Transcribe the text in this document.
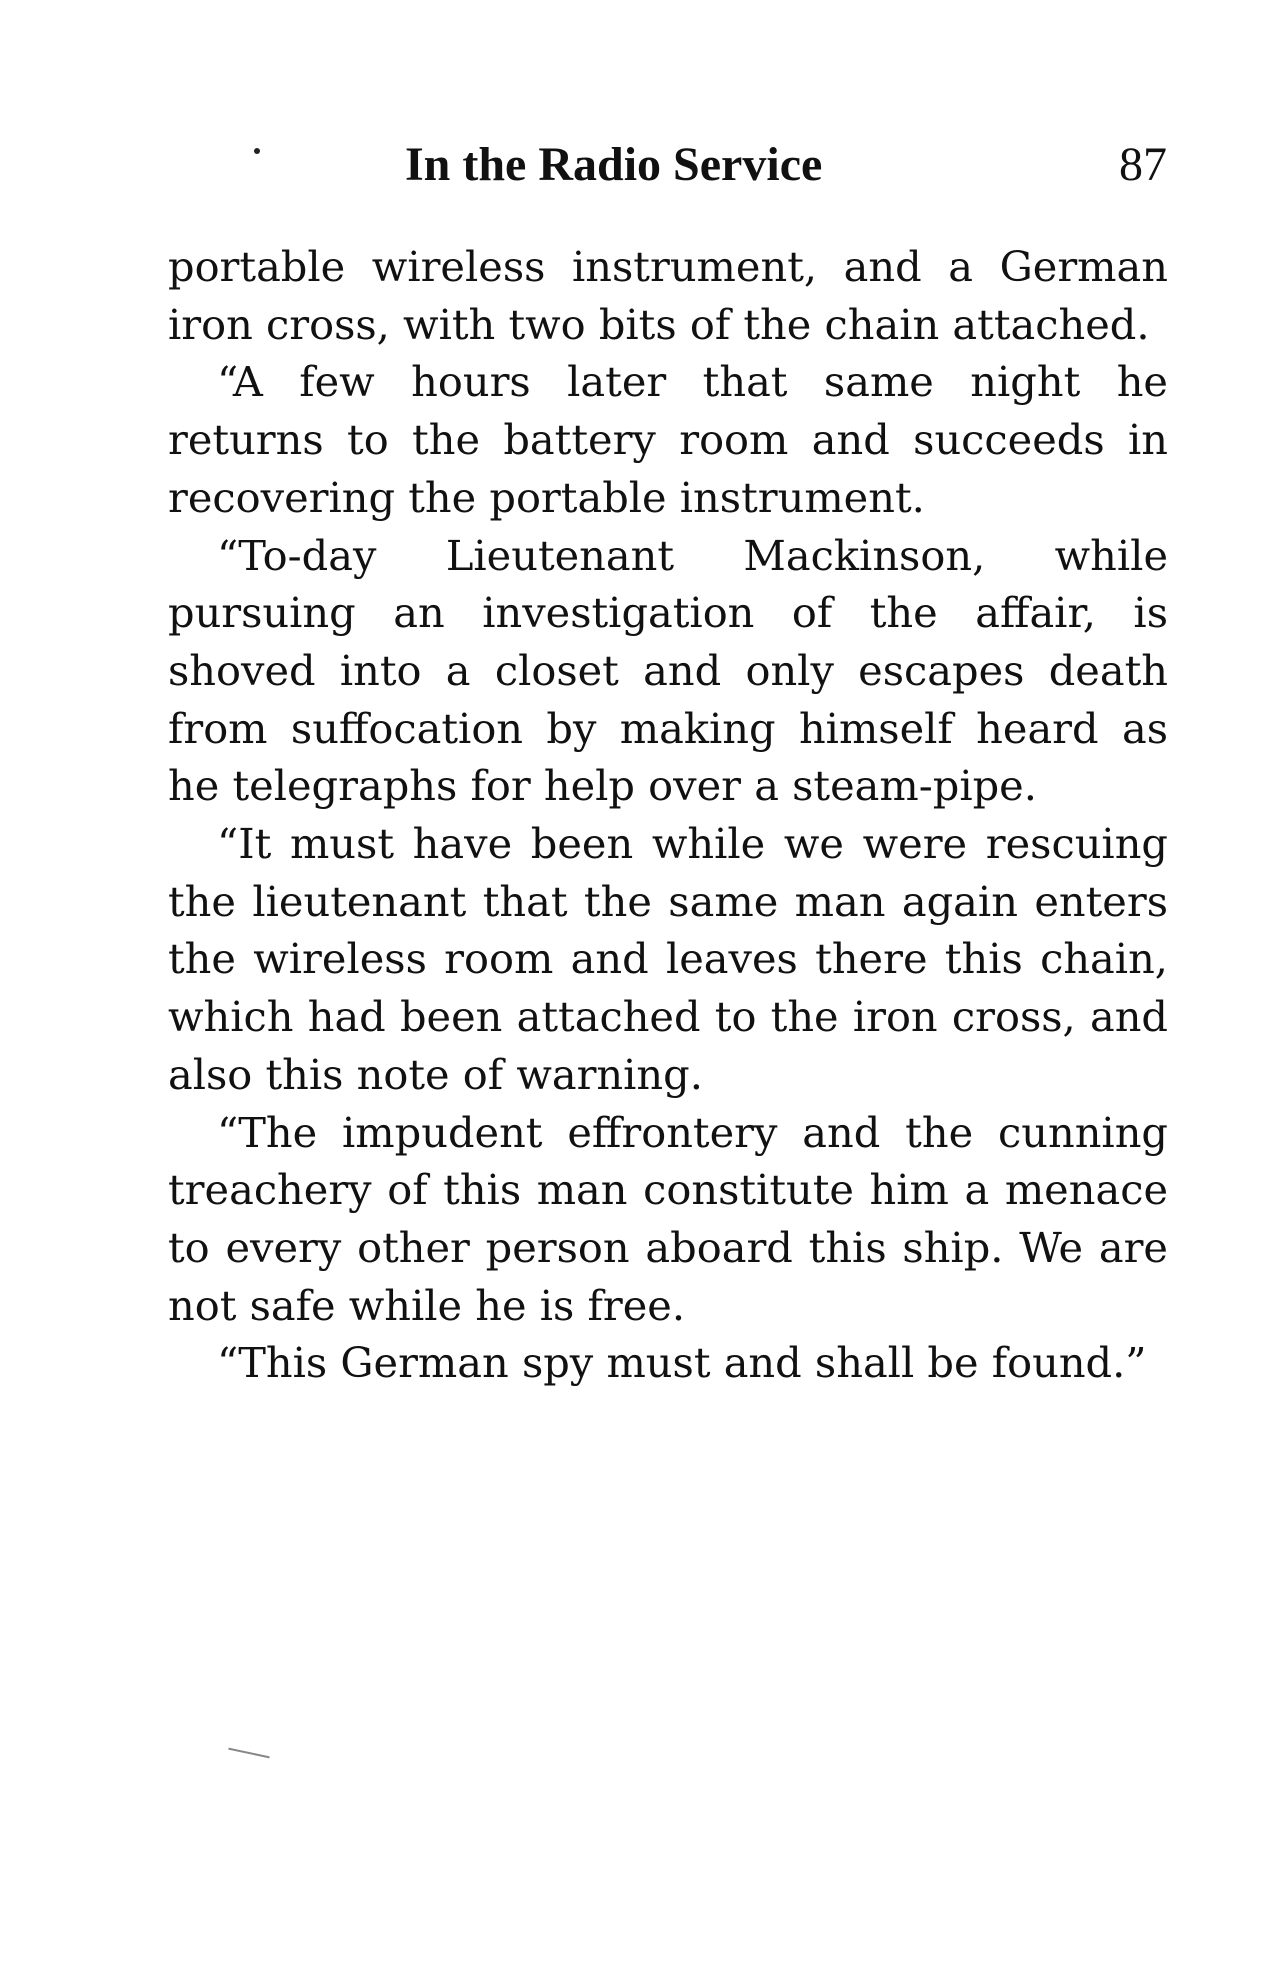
In the Radio Service	87

portable wireless instrument, and a German iron cross, with two bits of the chain attached.

“A few hours later that same night he returns to the battery room and succeeds in recovering the portable instrument.

“To-day Lieutenant Mackinson, while pursuing an investigation of the affair, is shoved into a closet and only escapes death from suffocation by making himself heard as he telegraphs for help over a steam-pipe.

“It must have been while we were rescuing the lieutenant that the same man again enters the wireless room and leaves there this chain, which had been attached to the iron cross, and also this note of warning.

“The impudent effrontery and the cunning treachery of this man constitute him a menace to every other person aboard this ship. We are not safe while he is free.

“This German spy must and shall be found.”
